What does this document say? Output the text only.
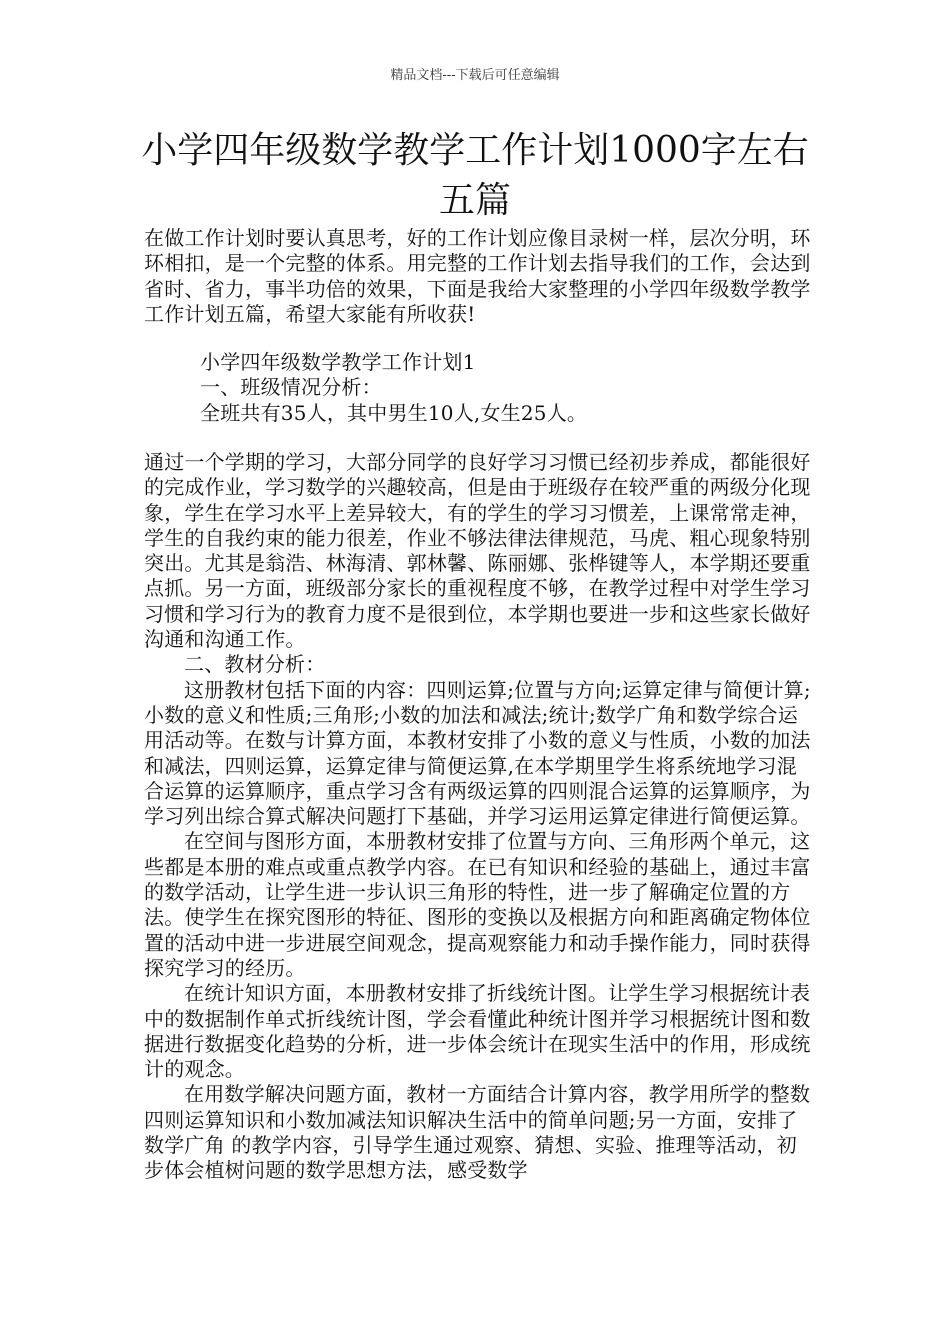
精品文档---下载后可任意编辑
小学四年级数学教学工作计划1000字左右
五篇
在做工作计划时要认真思考，好的工作计划应像目录树一样，层次分明，环环相扣，是一个完整的体系。用完整的工作计划去指导我们的工作，会达到省时、省力，事半功倍的效果，下面是我给大家整理的小学四年级数学教学工作计划五篇，希望大家能有所收获!

小学四年级数学教学工作计划1

一、班级情况分析：

全班共有35人，其中男生10人,女生25人。

通过一个学期的学习，大部分同学的良好学习习惯已经初步养成，都能很好的完成作业，学习数学的兴趣较高，但是由于班级存在较严重的两级分化现象，学生在学习水平上差异较大，有的学生的学习习惯差，上课常常走神，学生的自我约束的能力很差，作业不够法律法律规范，马虎、粗心现象特别突出。尤其是翁浩、林海清、郭林馨、陈丽娜、张桦键等人，本学期还要重点抓。另一方面，班级部分家长的重视程度不够，在教学过程中对学生学习习惯和学习行为的教育力度不是很到位，本学期也要进一步和这些家长做好沟通和沟通工作。

二、教材分析：

这册教材包括下面的内容：四则运算;位置与方向;运算定律与简便计算;小数的意义和性质;三角形;小数的加法和减法;统计;数学广角和数学综合运用活动等。在数与计算方面，本教材安排了小数的意义与性质，小数的加法和减法，四则运算，运算定律与简便运算,在本学期里学生将系统地学习混合运算的运算顺序，重点学习含有两级运算的四则混合运算的运算顺序，为学习列出综合算式解决问题打下基础，并学习运用运算定律进行简便运算。

在空间与图形方面，本册教材安排了位置与方向、三角形两个单元，这些都是本册的难点或重点教学内容。在已有知识和经验的基础上，通过丰富的数学活动，让学生进一步认识三角形的特性，进一步了解确定位置的方法。使学生在探究图形的特征、图形的变换以及根据方向和距离确定物体位置的活动中进一步进展空间观念，提高观察能力和动手操作能力，同时获得探究学习的经历。

在统计知识方面，本册教材安排了折线统计图。让学生学习根据统计表中的数据制作单式折线统计图，学会看懂此种统计图并学习根据统计图和数据进行数据变化趋势的分析，进一步体会统计在现实生活中的作用，形成统计的观念。

在用数学解决问题方面，教材一方面结合计算内容，教学用所学的整数四则运算知识和小数加减法知识解决生活中的简单问题;另一方面，安排了 数学广角 的教学内容，引导学生通过观察、猜想、实验、推理等活动，初步体会植树问题的数学思想方法，感受数学
